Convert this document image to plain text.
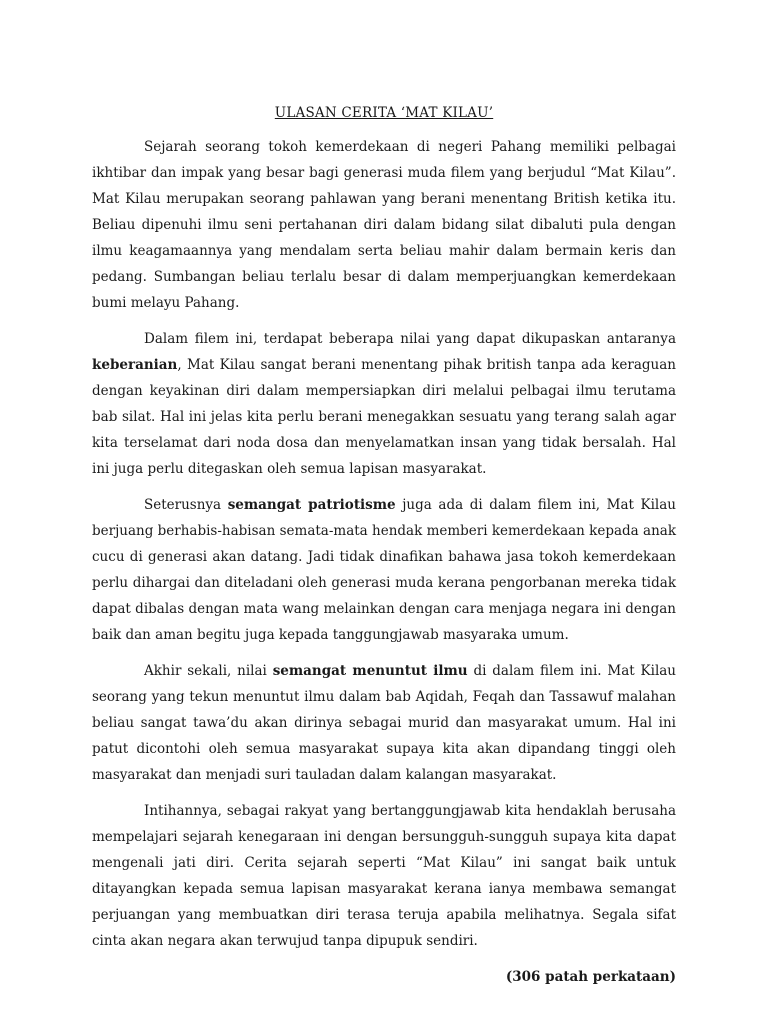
ULASAN CERITA ‘MAT KILAU’
Sejarah seorang tokoh kemerdekaan di negeri Pahang memiliki pelbagai ikhtibar dan impak yang besar bagi generasi muda filem yang berjudul “Mat Kilau”. Mat Kilau merupakan seorang pahlawan yang berani menentang British ketika itu. Beliau dipenuhi ilmu seni pertahanan diri dalam bidang silat dibaluti pula dengan ilmu keagamaannya yang mendalam serta beliau mahir dalam bermain keris dan pedang. Sumbangan beliau terlalu besar di dalam memperjuangkan kemerdekaan bumi melayu Pahang.
Dalam filem ini, terdapat beberapa nilai yang dapat dikupaskan antaranya keberanian, Mat Kilau sangat berani menentang pihak british tanpa ada keraguan dengan keyakinan diri dalam mempersiapkan diri melalui pelbagai ilmu terutama bab silat. Hal ini jelas kita perlu berani menegakkan sesuatu yang terang salah agar kita terselamat dari noda dosa dan menyelamatkan insan yang tidak bersalah. Hal ini juga perlu ditegaskan oleh semua lapisan masyarakat.
Seterusnya semangat patriotisme juga ada di dalam filem ini, Mat Kilau berjuang berhabis-habisan semata-mata hendak memberi kemerdekaan kepada anak cucu di generasi akan datang. Jadi tidak dinafikan bahawa jasa tokoh kemerdekaan perlu dihargai dan diteladani oleh generasi muda kerana pengorbanan mereka tidak dapat dibalas dengan mata wang melainkan dengan cara menjaga negara ini dengan baik dan aman begitu juga kepada tanggungjawab masyaraka umum.
Akhir sekali, nilai semangat menuntut ilmu di dalam filem ini. Mat Kilau seorang yang tekun menuntut ilmu dalam bab Aqidah, Feqah dan Tassawuf malahan beliau sangat tawa’du akan dirinya sebagai murid dan masyarakat umum. Hal ini patut dicontohi oleh semua masyarakat supaya kita akan dipandang tinggi oleh masyarakat dan menjadi suri tauladan dalam kalangan masyarakat.
Intihannya, sebagai rakyat yang bertanggungjawab kita hendaklah berusaha mempelajari sejarah kenegaraan ini dengan bersungguh-sungguh supaya kita dapat mengenali jati diri. Cerita sejarah seperti “Mat Kilau” ini sangat baik untuk ditayangkan kepada semua lapisan masyarakat kerana ianya membawa semangat perjuangan yang membuatkan diri terasa teruja apabila melihatnya. Segala sifat cinta akan negara akan terwujud tanpa dipupuk sendiri.
(306 patah perkataan)
